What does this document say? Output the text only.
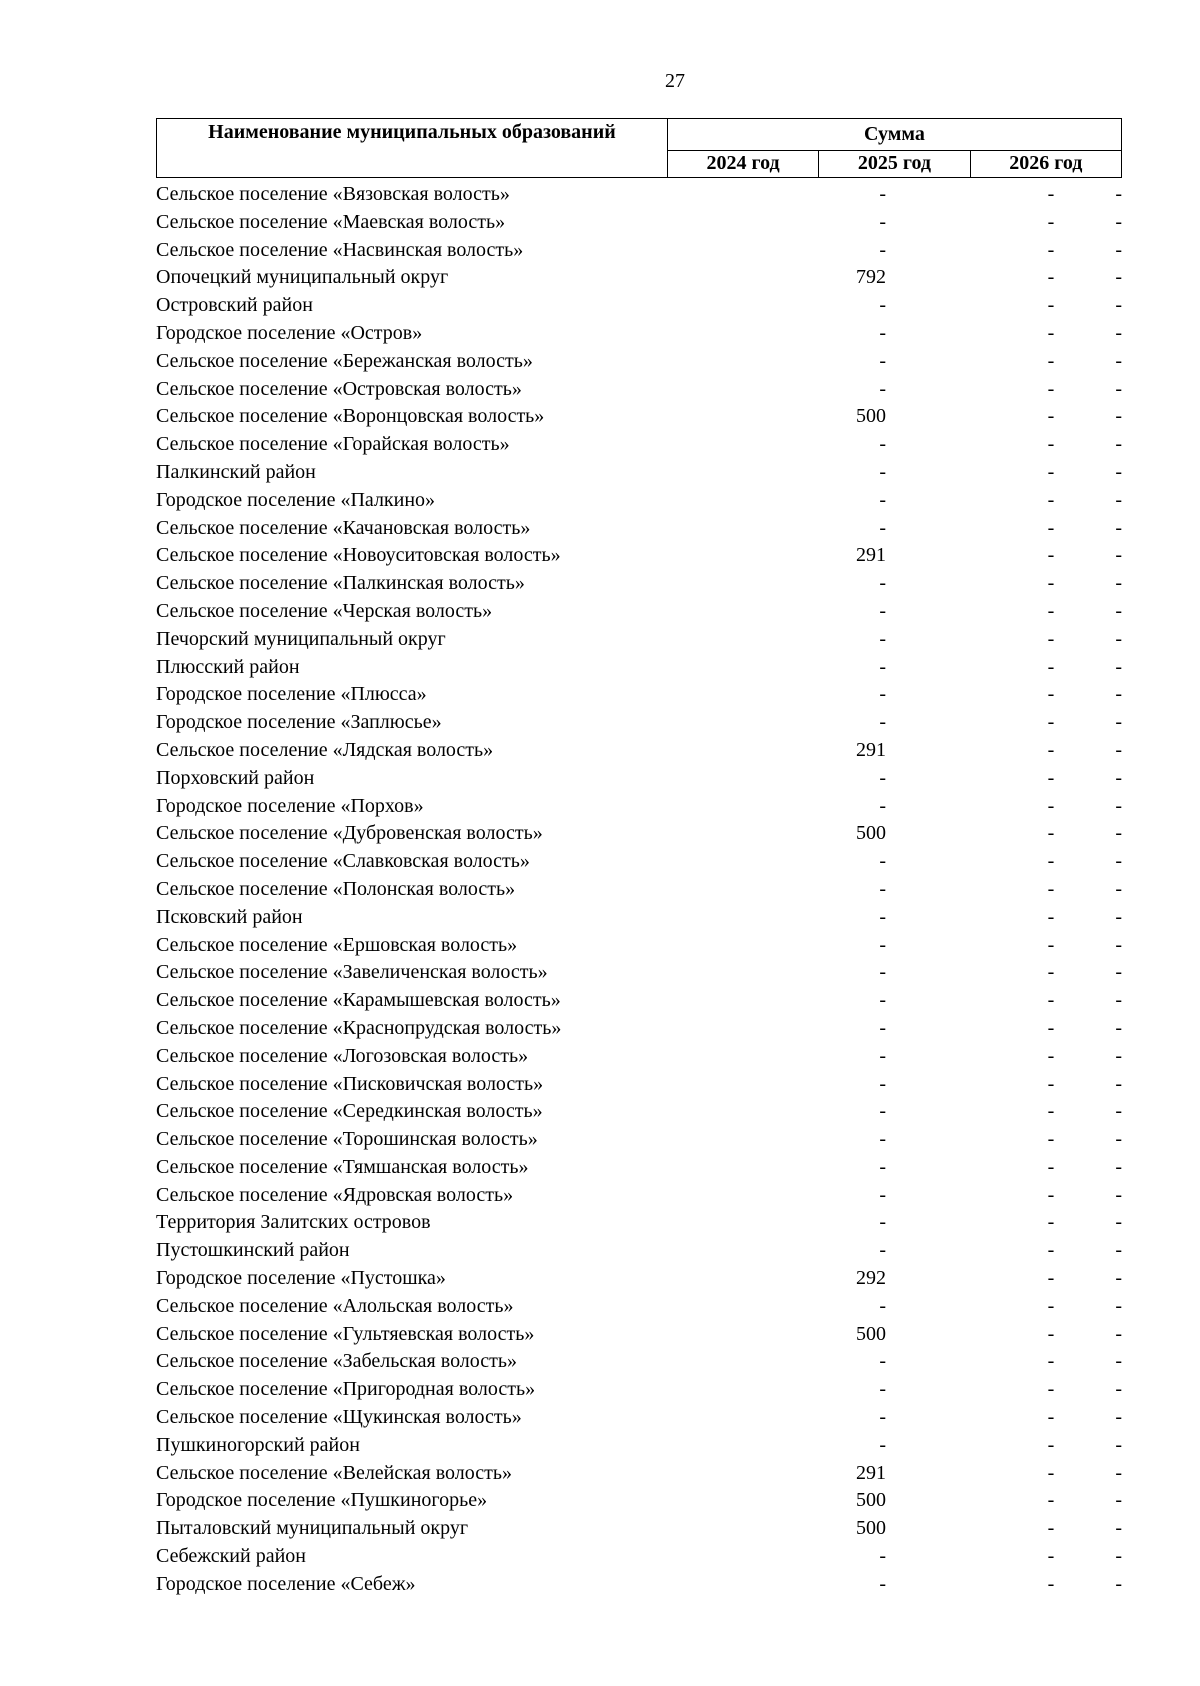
27
Наименование муниципальных образований	Сумма		
	2024 год	2025 год	2026 год
Сельское поселение «Вязовская волость»	-	-	-
Сельское поселение «Маевская волость»	-	-	-
Сельское поселение «Насвинская волость»	-	-	-
Опочецкий муниципальный округ	792	-	-
Островский район	-	-	-
Городское поселение «Остров»	-	-	-
Сельское поселение «Бережанская волость»	-	-	-
Сельское поселение «Островская волость»	-	-	-
Сельское поселение «Воронцовская волость»	500	-	-
Сельское поселение «Горайская волость»	-	-	-
Палкинский район	-	-	-
Городское поселение «Палкино»	-	-	-
Сельское поселение «Качановская волость»	-	-	-
Сельское поселение «Новоуситовская волость»	291	-	-
Сельское поселение «Палкинская волость»	-	-	-
Сельское поселение «Черская волость»	-	-	-
Печорский муниципальный округ	-	-	-
Плюсский район	-	-	-
Городское поселение «Плюсса»	-	-	-
Городское поселение «Заплюсье»	-	-	-
Сельское поселение «Лядская волость»	291	-	-
Порховский район	-	-	-
Городское поселение «Порхов»	-	-	-
Сельское поселение «Дубровенская волость»	500	-	-
Сельское поселение «Славковская волость»	-	-	-
Сельское поселение «Полонская волость»	-	-	-
Псковский район	-	-	-
Сельское поселение «Ершовская волость»	-	-	-
Сельское поселение «Завеличенская волость»	-	-	-
Сельское поселение «Карамышевская волость»	-	-	-
Сельское поселение «Краснопрудская волость»	-	-	-
Сельское поселение «Логозовская волость»	-	-	-
Сельское поселение «Писковичская волость»	-	-	-
Сельское поселение «Середкинская волость»	-	-	-
Сельское поселение «Торошинская волость»	-	-	-
Сельское поселение «Тямшанская волость»	-	-	-
Сельское поселение «Ядровская волость»	-	-	-
Территория Залитских островов	-	-	-
Пустошкинский район	-	-	-
Городское поселение «Пустошка»	292	-	-
Сельское поселение «Алольская волость»	-	-	-
Сельское поселение «Гультяевская волость»	500	-	-
Сельское поселение «Забельская волость»	-	-	-
Сельское поселение «Пригородная волость»	-	-	-
Сельское поселение «Щукинская волость»	-	-	-
Пушкиногорский район	-	-	-
Сельское поселение «Велейская волость»	291	-	-
Городское поселение «Пушкиногорье»	500	-	-
Пыталовский муниципальный округ	500	-	-
Себежский район	-	-	-
Городское поселение «Себеж»	-	-	-
